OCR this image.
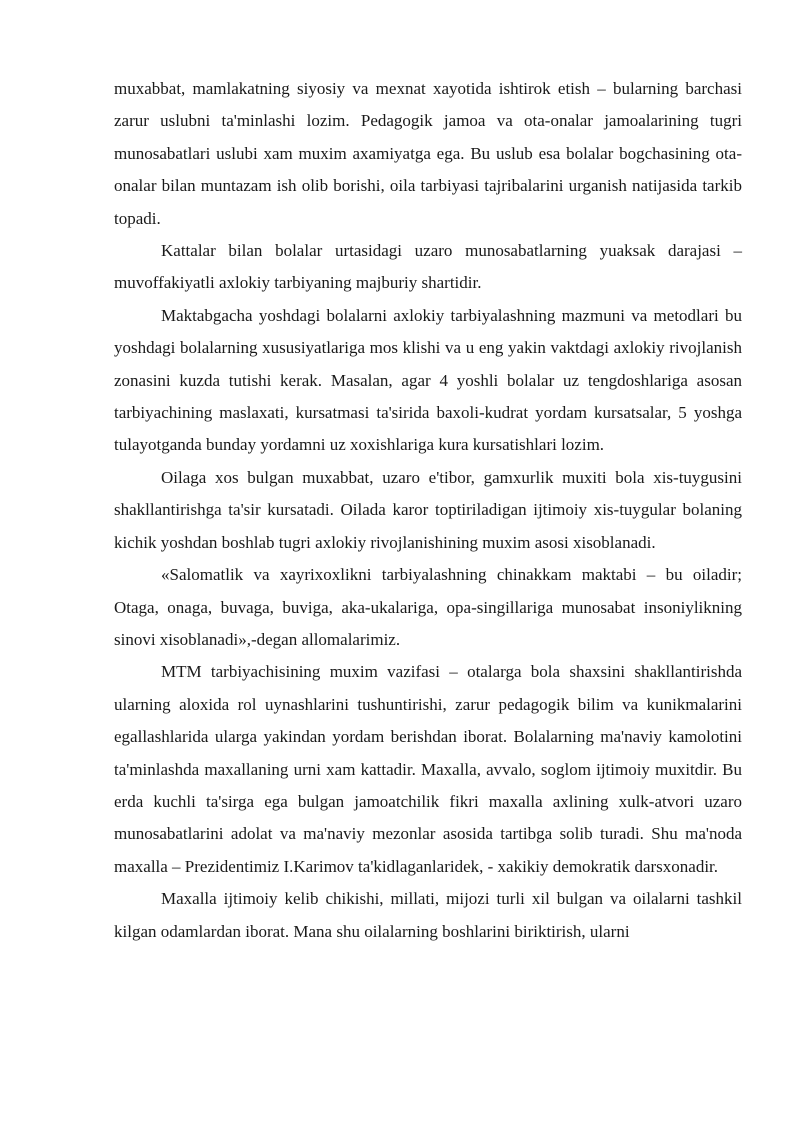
muxabbat, mamlakatning siyosiy va mexnat xayotida ishtirok etish – bularning barchasi zarur uslubni ta'minlashi lozim. Pedagogik jamoa va ota-onalar jamoalarining tugri munosabatlari uslubi xam muxim axamiyatga ega. Bu uslub esa bolalar bogchasining ota-onalar bilan muntazam ish olib borishi, oila tarbiyasi tajribalarini urganish natijasida tarkib topadi.

Kattalar bilan bolalar urtasidagi uzaro munosabatlarning yuaksak darajasi – muvoffakiyatli axlokiy tarbiyaning majburiy shartidir.

Maktabgacha yoshdagi bolalarni axlokiy tarbiyalashning mazmuni va metodlari bu yoshdagi bolalarning xususiyatlariga mos klishi va u eng yakin vaktdagi axlokiy rivojlanish zonasini kuzda tutishi kerak. Masalan, agar 4 yoshli bolalar uz tengdoshlariga asosan tarbiyachining maslaxati, kursatmasi ta'sirida baxoli-kudrat yordam kursatsalar, 5 yoshga tulayotganda bunday yordamni uz xoxishlariga kura kursatishlari lozim.

Oilaga xos bulgan muxabbat, uzaro e'tibor, gamxurlik muxiti bola xis-tuygusini shakllantirishga ta'sir kursatadi. Oilada karor toptiriladigan ijtimoiy xis-tuygular bolaning kichik yoshdan boshlab tugri axlokiy rivojlanishining muxim asosi xisoblanadi.

«Salomatlik va xayrixoxlikni tarbiyalashning chinakkam maktabi – bu oiladir; Otaga, onaga, buvaga, buviga, aka-ukalariga, opa-singillariga munosabat insoniylikning sinovi xisoblanadi»,-degan allomalarimiz.

MTM tarbiyachisining muxim vazifasi – otalarga bola shaxsini shakllantirishda ularning aloxida rol uynashlarini tushuntirishi, zarur pedagogik bilim va kunikmalarini egallashlarida ularga yakindan yordam berishdan iborat. Bolalarning ma'naviy kamolotini ta'minlashda maxallaning urni xam kattadir. Maxalla, avvalo, soglom ijtimoiy muxitdir. Bu erda kuchli ta'sirga ega bulgan jamoatchilik fikri maxalla axlining xulk-atvori uzaro munosabatlarini adolat va ma'naviy mezonlar asosida tartibga solib turadi. Shu ma'noda maxalla – Prezidentimiz I.Karimov ta'kidlaganlaridek, - xakikiy demokratik darsxonadir.

Maxalla ijtimoiy kelib chikishi, millati, mijozi turli xil bulgan va oilalarni tashkil kilgan odamlardan iborat. Mana shu oilalarning boshlarini biriktirish, ularni
